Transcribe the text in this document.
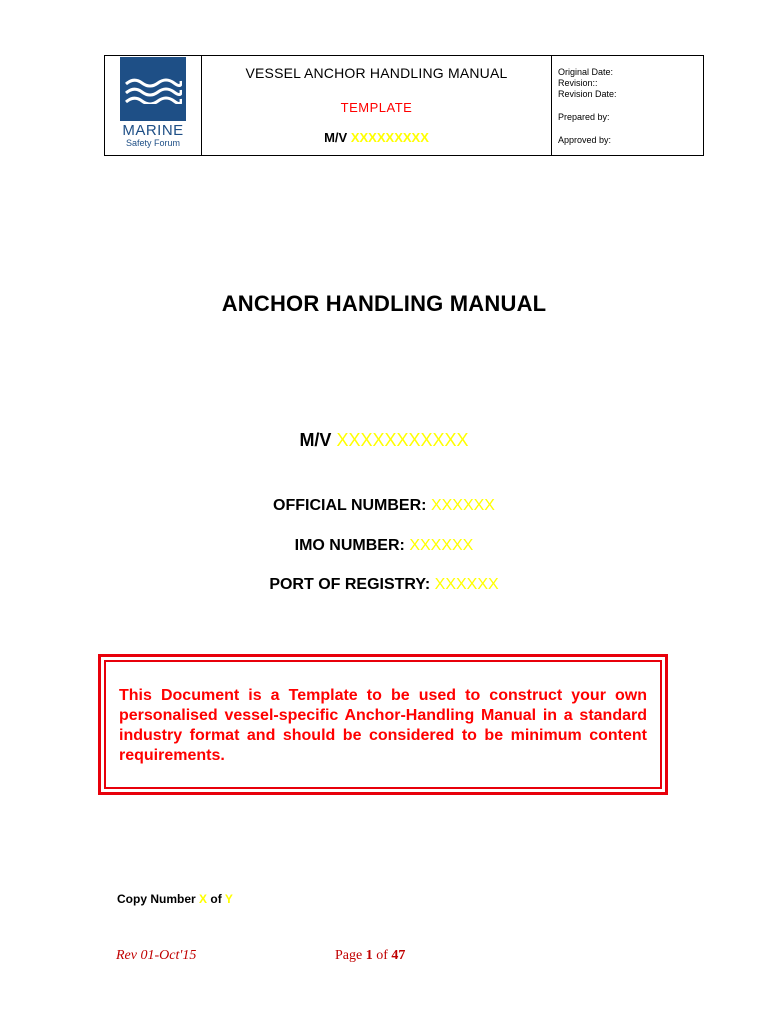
MARINE
Safety Forum
VESSEL ANCHOR HANDLING MANUAL
TEMPLATE
M/V XXXXXXXXX
Original Date:
Revision::
Revision Date:
Prepared by:
Approved by:
ANCHOR HANDLING MANUAL
M/V XXXXXXXXXXX
OFFICIAL NUMBER: XXXXXX
IMO NUMBER: XXXXXX
PORT OF REGISTRY: XXXXXX

This Document is a Template to be used to construct your own personalised vessel-specific Anchor-Handling Manual in a standard industry format and should be considered to be minimum content requirements.

Copy Number X of Y
Rev 01-Oct'15	Page 1 of 47
